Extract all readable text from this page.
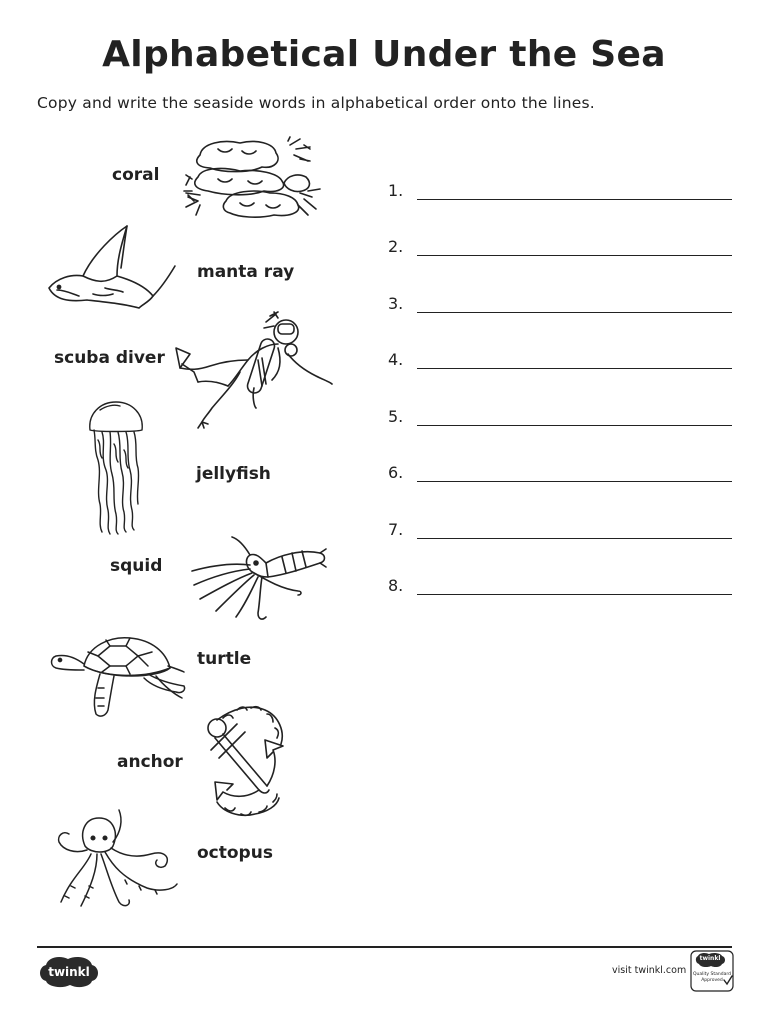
Alphabetical Under the Sea
Copy and write the seaside words in alphabetical order onto the lines.
coral
manta ray
scuba diver
jellyfish
squid
turtle
anchor
octopus
1.
2.
3.
4.
5.
6.
7.
8.
twinkl	visit twinkl.com
twinkl
Quality Standard
Approved
